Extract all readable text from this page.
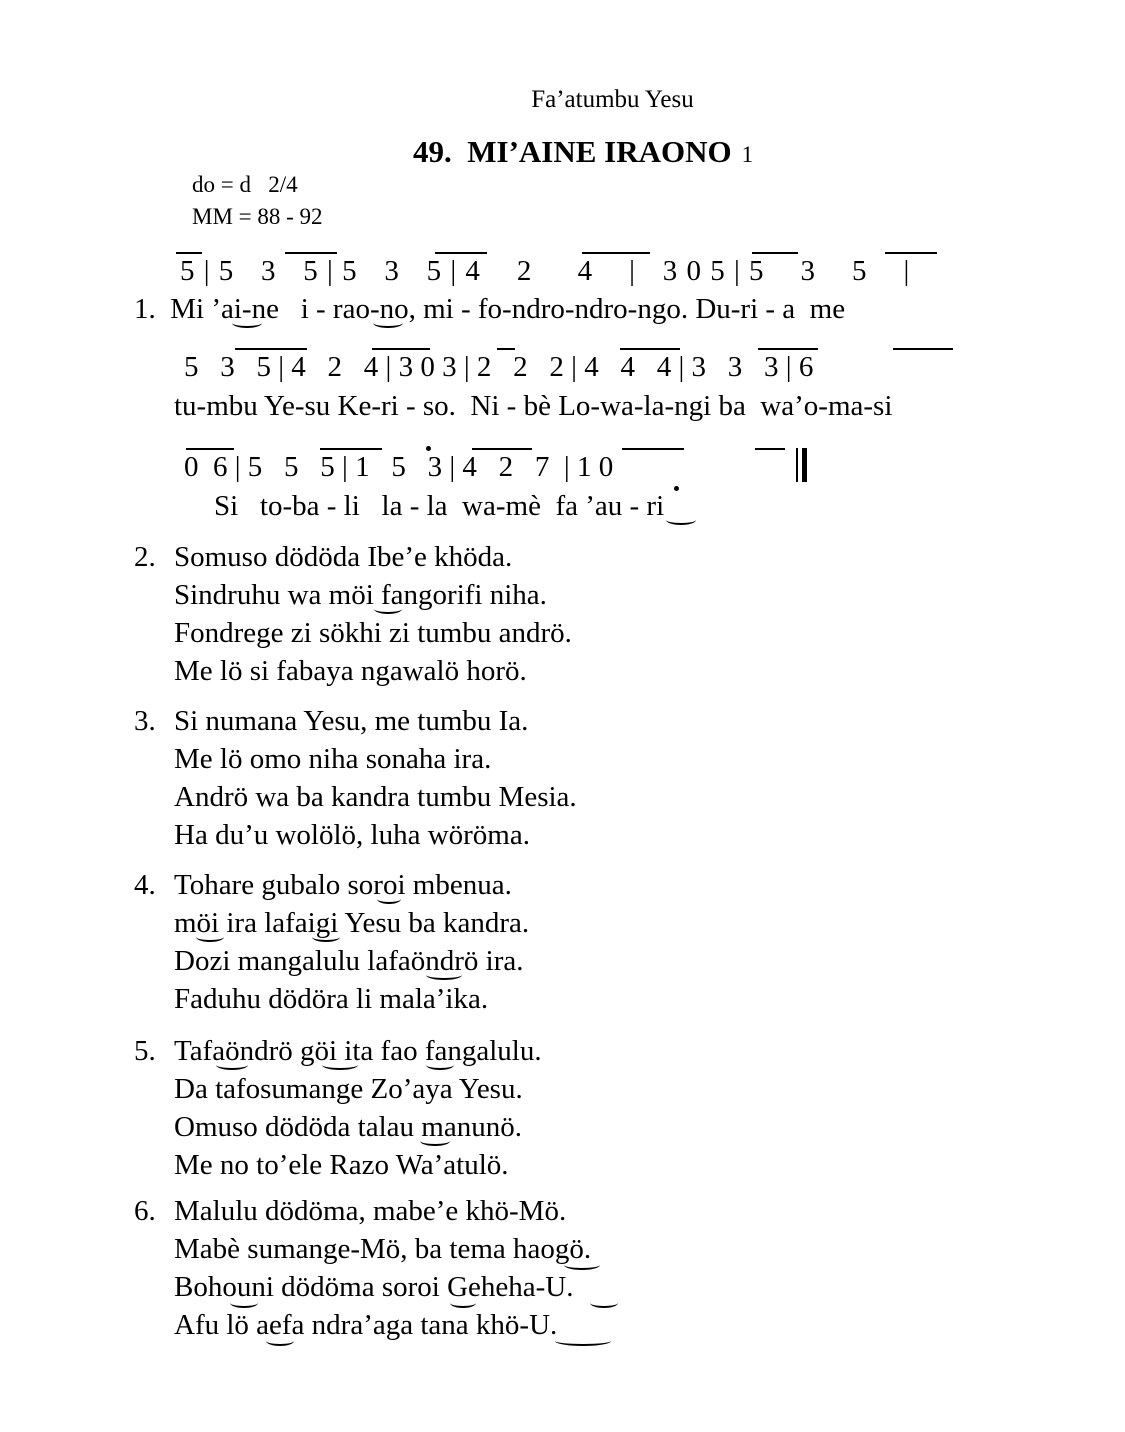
Fa’atumbu Yesu
49.  MI’AINE IRAONO 1
do = d   2/4
MM = 88 - 92
5 | 5   3   5 | 5   3   5 | 4    2     4    |   3 0 5 | 5    3    5    |
1.  Mi ’ai-ne   i - rao-no, mi - fo-ndro-ndro-ngo. Du-ri - a  me
5   3   5 | 4   2   4 | 3 0 3 | 2   2   2 | 4   4   4 | 3   3   3 | 6
tu-mbu Ye-su Ke-ri - so.  Ni - bè Lo-wa-la-ngi ba  wa’o-ma-si
0  6 | 5   5   5 | 1   5   3 | 4   2   7  | 1 0
Si   to-ba - li   la - la  wa-mè  fa ’au - ri
2. Somuso dödöda Ibe’e khöda.
Sindruhu wa möi fangorifi niha.
Fondrege zi sökhi zi tumbu andrö.
Me lö si fabaya ngawalö horö.
3. Si numana Yesu, me tumbu Ia.
Me lö omo niha sonaha ira.
Andrö wa ba kandra tumbu Mesia.
Ha du’u wolölö, luha wöröma.
4. Tohare gubalo soroi mbenua.
möi ira lafaigi Yesu ba kandra.
Dozi mangalulu lafaöndrö ira.
Faduhu dödöra li mala’ika.
5. Tafaöndrö göi ita fao fangalulu.
Da tafosumange Zo’aya Yesu.
Omuso dödöda talau manunö.
Me no to’ele Razo Wa’atulö.
6. Malulu dödöma, mabe’e khö-Mö.
Mabè sumange-Mö, ba tema haogö.
Bohouni dödöma soroi Geheha-U.
Afu lö aefa ndra’aga tana khö-U.
